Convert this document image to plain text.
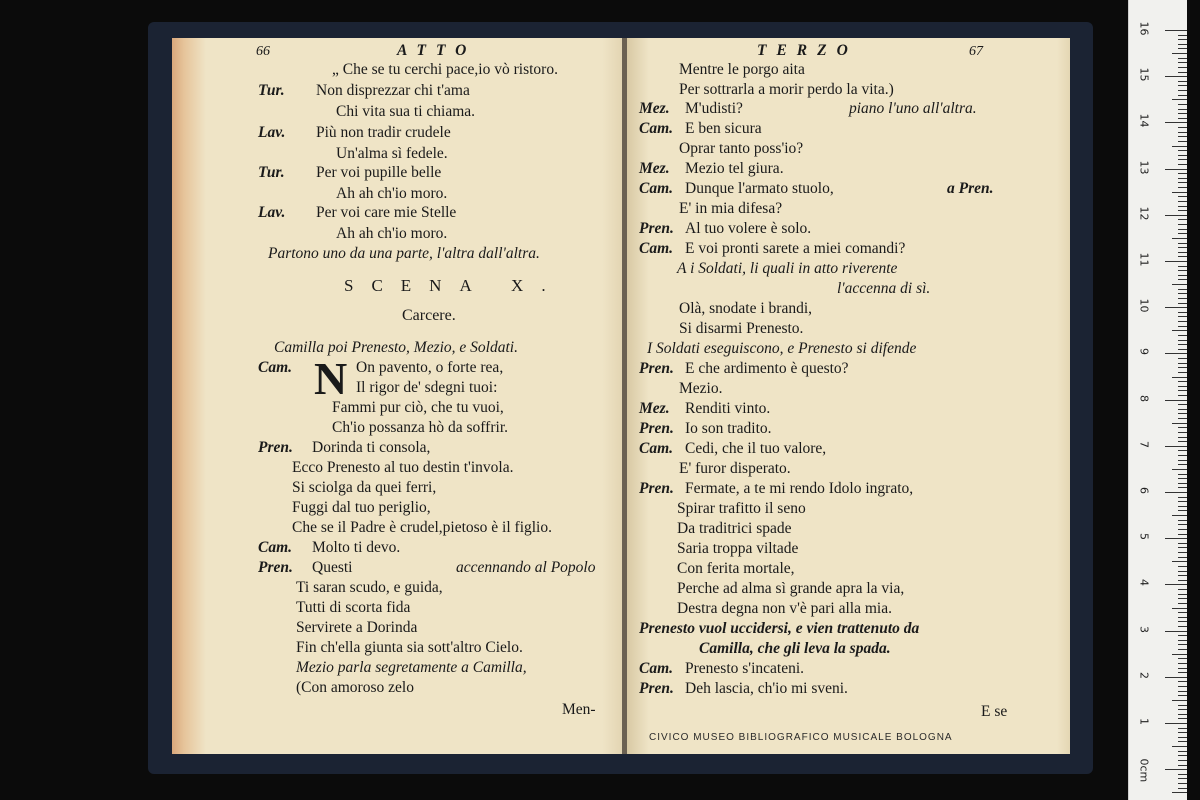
66	ATTO
„ Che se tu cerchi pace,io vò ristoro.
Tur. Non disprezzar chi t'ama
Chi vita sua ti chiama.
Lav. Più non tradir crudele
Un'alma sì fedele.
Tur. Per voi pupille belle
Ah ah ch'io moro.
Lav. Per voi care mie Stelle
Ah ah ch'io moro.
Partono uno da una parte, l'altra dall'altra.
SCENA X.
Carcere.
Camilla poi Prenesto, Mezio, e Soldati.
Cam. N On pavento, o forte rea,
Il rigor de' sdegni tuoi:
Fammi pur ciò, che tu vuoi,
Ch'io possanza hò da soffrir.
Pren. Dorinda ti consola,
Ecco Prenesto al tuo destin t'invola.
Si sciolga da quei ferri,
Fuggi dal tuo periglio,
Che se il Padre è crudel,pietoso è il figlio.
Cam. Molto ti devo.
Pren. Questi	accennando al Popolo
Ti saran scudo, e guida,
Tutti di scorta fida
Servirete a Dorinda
Fin ch'ella giunta sia sott'altro Cielo.
Mezio parla segretamente a Camilla,
(Con amoroso zelo
Men-
TERZO	67
Mentre le porgo aita
Per sottrarla a morir perdo la vita.)
Mez. M'udisti?	piano l'uno all'altra.
Cam. E ben sicura
Oprar tanto poss'io?
Mez. Mezio tel giura.
Cam. Dunque l'armato stuolo,	a Pren.
E' in mia difesa?
Pren. Al tuo volere è solo.
Cam. E voi pronti sarete a miei comandi?
A i Soldati, li quali in atto riverente
l'accenna di sì.
Olà, snodate i brandi,
Si disarmi Prenesto.
I Soldati eseguiscono, e Prenesto si difende
Pren. E che ardimento è questo?
Mezio.
Mez. Renditi vinto.
Pren. Io son tradito.
Cam. Cedi, che il tuo valore,
E' furor disperato.
Pren. Fermate, a te mi rendo Idolo ingrato,
Spirar trafitto il seno
Da traditrici spade
Saria troppa viltade
Con ferita mortale,
Perche ad alma sì grande apra la via,
Destra degna non v'è pari alla mia.
Prenesto vuol uccidersi, e vien trattenuto da
Camilla, che gli leva la spada.
Cam. Prenesto s'incateni.
Pren. Deh lascia, ch'io mi sveni.
E se
CIVICO MUSEO BIBLIOGRAFICO MUSICALE BOLOGNA
16
15
14
13
12
11
10
9
8
7
6
5
4
3
2
1
0cm
